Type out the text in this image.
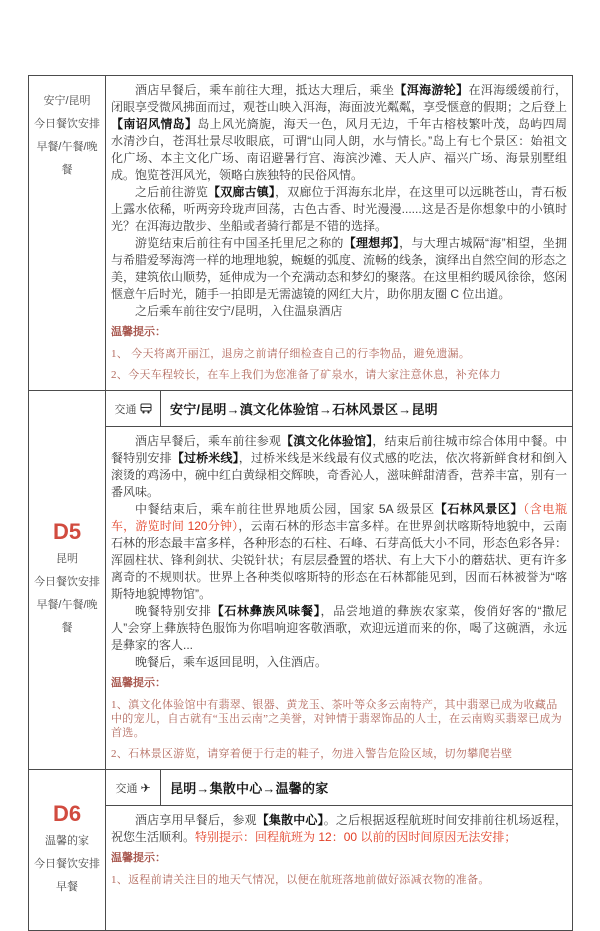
安宁/昆明
今日餐饮安排
早餐/午餐/晚餐

酒店早餐后，乘车前往大理，抵达大理后，乘坐【洱海游轮】在洱海缓缓前行，闭眼享受微风拂面而过，观苍山映入洱海，海面波光粼粼，享受惬意的假期；之后登上【南诏风情岛】岛上风光旖旎，海天一色，风月无边，千年古榕枝繁叶茂，岛屿四周水清沙白，苍洱壮景尽收眼底，可谓“山同人朗，水与情长。”岛上有七个景区：始祖文化广场、本主文化广场、南诏避暑行宫、海滨沙滩、天人庐、福兴广场、海景别墅组成。饱览苍洱风光，领略白族独特的民俗风情。

之后前往游览【双廊古镇】，双廊位于洱海东北岸，在这里可以远眺苍山，青石板上露水依稀，听两旁玲珑声回荡，古色古香、时光漫漫......这是否是你想象中的小镇时光？在洱海边散步、坐船或者骑行都是不错的选择。

游览结束后前往有中国圣托里尼之称的【理想邦】，与大理古城隔“海”相望，坐拥与希腊爱琴海湾一样的地理地貌，蜿蜒的弧度、流畅的线条，演绎出自然空间的形态之美，建筑依山顺势，延伸成为一个充满动态和梦幻的聚落。在这里相约暖风徐徐，悠闲惬意午后时光，随手一拍即是无需滤镜的网红大片，助你朋友圈 C 位出道。

之后乘车前往安宁/昆明，入住温泉酒店

温馨提示：
1、 今天将离开丽江，退房之前请仔细检查自己的行李物品，避免遗漏。
2、今天车程较长，在车上我们为您准备了矿泉水，请大家注意休息，补充体力
D5
昆明
今日餐饮安排
早餐/午餐/晚餐
交通	安宁/昆明→滇文化体验馆→石林风景区→昆明

酒店早餐后，乘车前往参观【滇文化体验馆】，结束后前往城市综合体用中餐。中餐特别安排【过桥米线】，过桥米线是米线最有仪式感的吃法，依次将新鲜食材和倒入滚烫的鸡汤中，碗中红白黄绿相交辉映，奇香沁人，滋味鲜甜清香，营养丰富，别有一番风味。

中餐结束后，乘车前往世界地质公园，国家 5A 级景区【石林风景区】（含电瓶车，游览时间 120分钟），云南石林的形态丰富多样。在世界剑状喀斯特地貌中，云南石林的形态最丰富多样，各种形态的石柱、石峰、石芽高低大小不同，形态色彩各异：浑圆柱状、锋利剑状、尖锐针状；有层层叠置的塔状、有上大下小的蘑菇状、更有许多离奇的不规则状。世界上各种类似喀斯特的形态在石林都能见到，因而石林被誉为“喀斯特地貌博物馆”。

晚餐特别安排【石林彝族风味餐】，品尝地道的彝族农家菜，俊俏好客的“撒尼人”会穿上彝族特色服饰为你唱响迎客敬酒歌，欢迎远道而来的你，喝了这碗酒，永远是彝家的客人...

晚餐后，乘车返回昆明，入住酒店。

温馨提示：
1、滇文化体验馆中有翡翠、银器、黄龙玉、茶叶等众多云南特产，其中翡翠已成为收藏品中的宠儿，自古就有“玉出云南”之美誉，对钟情于翡翠饰品的人士，在云南购买翡翠已成为首选。
2、石林景区游览，请穿着便于行走的鞋子，勿进入警告危险区域，切勿攀爬岩壁
D6
温馨的家
今日餐饮安排
早餐
交通 ✈	昆明→集散中心→温馨的家

酒店享用早餐后，参观【集散中心】。之后根据返程航班时间安排前往机场返程，祝您生活顺利。特别提示：回程航班为 12：00 以前的因时间原因无法安排；

温馨提示：
1、返程前请关注目的地天气情况，以便在航班落地前做好添减衣物的准备。
